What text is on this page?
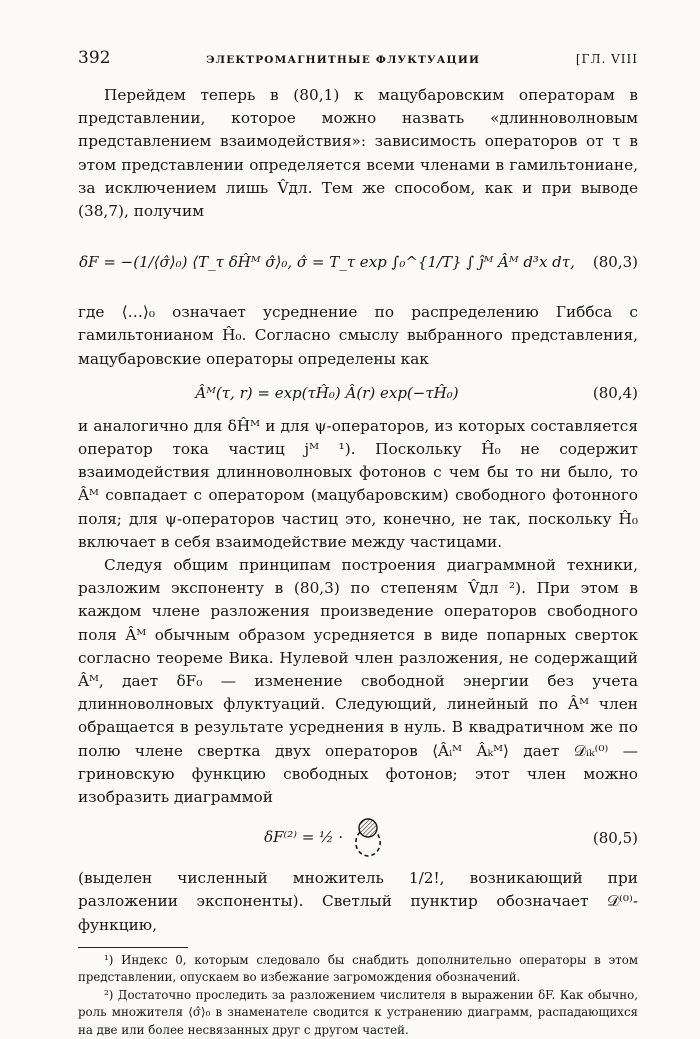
392	ЭЛЕКТРОМАГНИТНЫЕ ФЛУКТУАЦИИ	[ГЛ. VIII

Перейдем теперь в (80,1) к мацубаровским операторам в представлении, которое можно назвать «длинноволновым представлением взаимодействия»: зависимость операторов от τ в этом представлении определяется всеми членами в гамильтониане, за исключением лишь V̂дл. Тем же способом, как и при выводе (38,7), получим

δF = −(1/⟨σ̂⟩₀) ⟨T_τ δĤᴹ σ̂⟩₀, σ̂ = T_τ exp ∫₀^{1/T} ∫ ĵᴹ Âᴹ d³x dτ,	(80,3)

где ⟨…⟩₀ означает усреднение по распределению Гиббса с гамильтонианом Ĥ₀. Согласно смыслу выбранного представления, мацубаровские операторы определены как

Âᴹ(τ, r) = exp(τĤ₀) Â(r) exp(−τĤ₀)	(80,4)

и аналогично для δĤᴹ и для ψ-операторов, из которых составляется оператор тока частиц jᴹ ¹). Поскольку Ĥ₀ не содержит взаимодействия длинноволновых фотонов с чем бы то ни было, то Âᴹ совпадает с оператором (мацубаровским) свободного фотонного поля; для ψ-операторов частиц это, конечно, не так, поскольку Ĥ₀ включает в себя взаимодействие между частицами.

Следуя общим принципам построения диаграммной техники, разложим экспоненту в (80,3) по степеням V̂дл ²). При этом в каждом члене разложения произведение операторов свободного поля Âᴹ обычным образом усредняется в виде попарных сверток согласно теореме Вика. Нулевой член разложения, не содержащий Âᴹ, дает δF₀ — изменение свободной энергии без учета длинноволновых флуктуаций. Следующий, линейный по Âᴹ член обращается в результате усреднения в нуль. В квадратичном же по полю члене свертка двух операторов ⟨Âᵢᴹ Âₖᴹ⟩ дает 𝒟ᵢₖ⁽⁰⁾ — гриновскую функцию свободных фотонов; этот член можно изобразить диаграммой

δF⁽²⁾ = ½ ·	(80,5)

(выделен численный множитель 1/2!, возникающий при разложении экспоненты). Светлый пунктир обозначает 𝒟⁽⁰⁾-функцию,

¹) Индекс 0, которым следовало бы снабдить дополнительно операторы в этом представлении, опускаем во избежание загромождения обозначений.

²) Достаточно проследить за разложением числителя в выражении δF. Как обычно, роль множителя ⟨σ̂⟩₀ в знаменателе сводится к устранению диаграмм, распадающихся на две или более несвязанных друг с другом частей.
